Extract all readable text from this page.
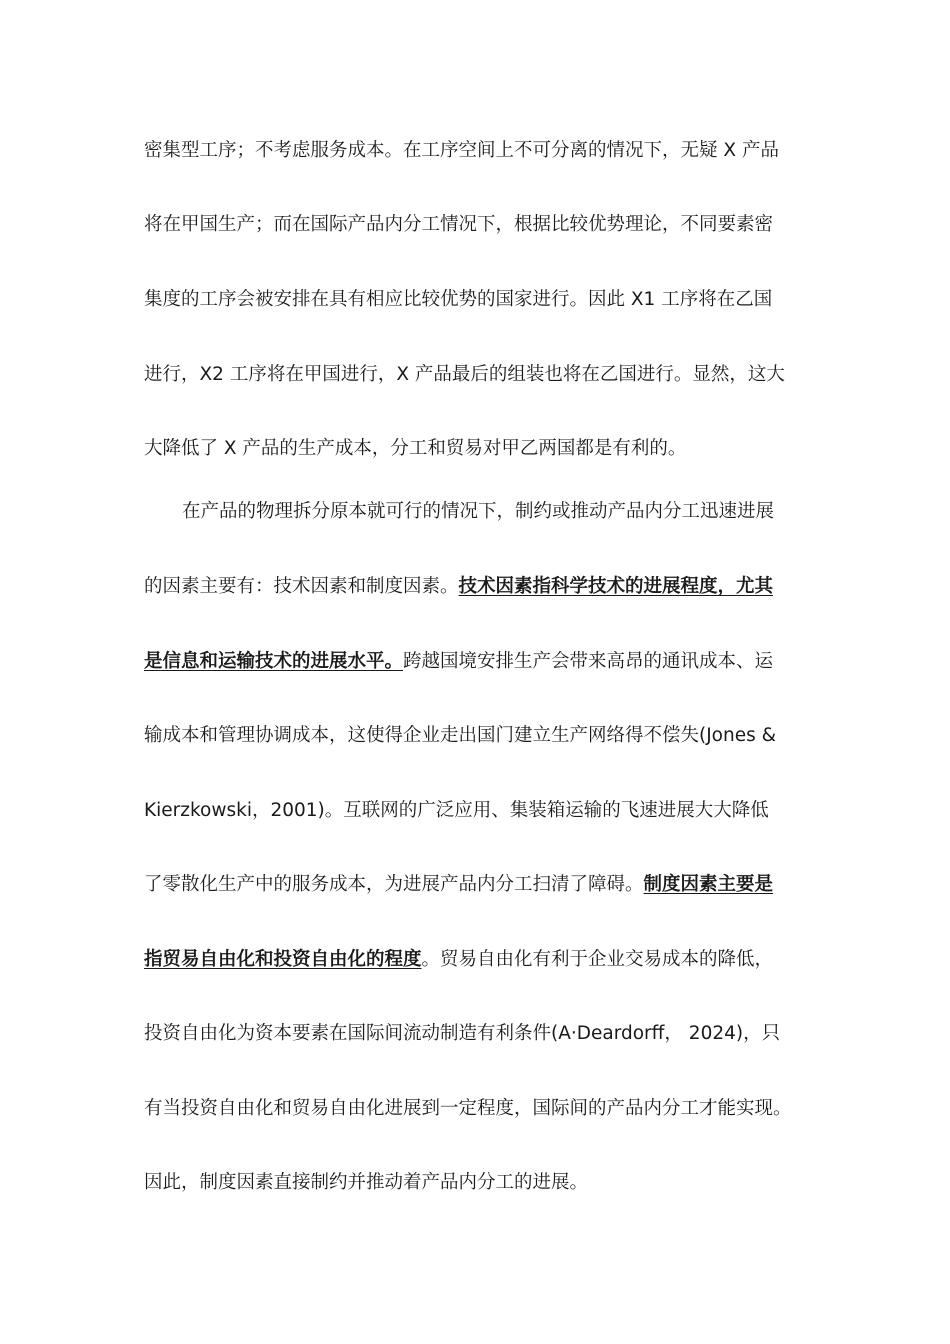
密集型工序；不考虑服务成本。在工序空间上不可分离的情况下，无疑 X 产品

将在甲国生产；而在国际产品内分工情况下，根据比较优势理论，不同要素密

集度的工序会被安排在具有相应比较优势的国家进行。因此 X1 工序将在乙国

进行，X2 工序将在甲国进行，X 产品最后的组装也将在乙国进行。显然，这大

大降低了 X 产品的生产成本，分工和贸易对甲乙两国都是有利的。

在产品的物理拆分原本就可行的情况下，制约或推动产品内分工迅速进展

的因素主要有：技术因素和制度因素。技术因素指科学技术的进展程度，尤其

是信息和运输技术的进展水平。跨越国境安排生产会带来高昂的通讯成本、运

输成本和管理协调成本，这使得企业走出国门建立生产网络得不偿失(Jones &

Kierzkowski，2001)。互联网的广泛应用、集装箱运输的飞速进展大大降低

了零散化生产中的服务成本，为进展产品内分工扫清了障碍。制度因素主要是

指贸易自由化和投资自由化的程度。贸易自由化有利于企业交易成本的降低，

投资自由化为资本要素在国际间流动制造有利条件(A·Deardorff， 2024)，只

有当投资自由化和贸易自由化进展到一定程度，国际间的产品内分工才能实现。

因此，制度因素直接制约并推动着产品内分工的进展。
